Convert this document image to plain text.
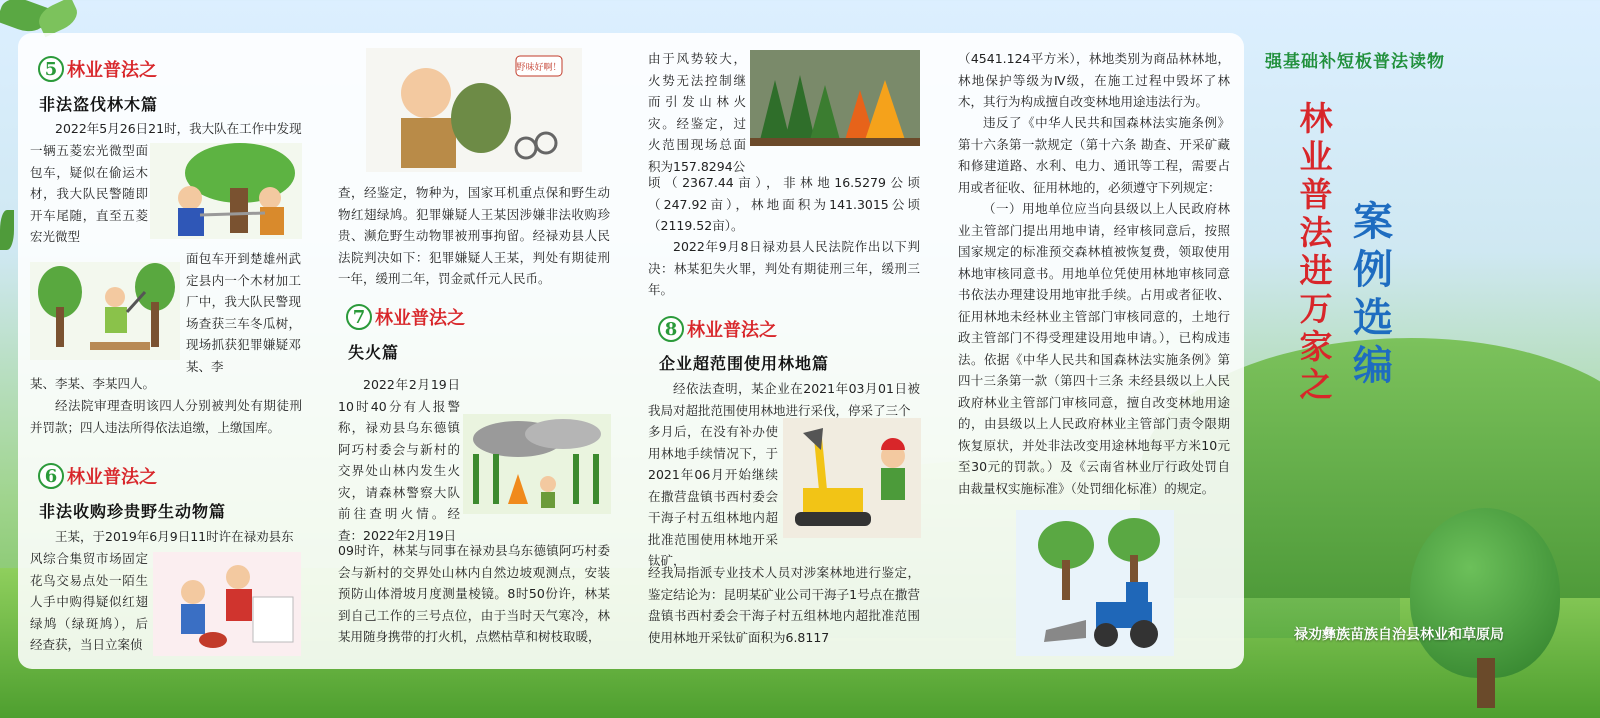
5 林业普法之
非法盗伐林木篇
2022年5月26日21时，我大队在工作中发现
一辆五菱宏光微型面包车，疑似在偷运木材，我大队民警随即开车尾随，直至五菱宏光微型
面包车开到楚雄州武定县内一个木材加工厂中，我大队民警现场查获三车冬瓜树，现场抓获犯罪嫌疑邓某、李
某、李某、李某四人。
经法院审理查明该四人分别被判处有期徒刑并罚款；四人违法所得依法追缴，上缴国库。
6 林业普法之
非法收购珍贵野生动物篇
王某，于2019年6月9日11时许在禄劝县东
风综合集贸市场固定花鸟交易点处一陌生人手中购得疑似红翅绿鸠（绿斑鸠），后经查获，当日立案侦
野味好啊！
查，经鉴定，物种为，国家耳机重点保和野生动物红翅绿鸠。犯罪嫌疑人王某因涉嫌非法收购珍贵、濒危野生动物罪被刑事拘留。经禄劝县人民法院判决如下：犯罪嫌疑人王某，判处有期徒刑一年，缓刑二年，罚金贰仟元人民币。
7 林业普法之
失火篇
2022年2月19日10时40分有人报警称，禄劝县乌东德镇阿巧村委会与新村的交界处山林内发生火灾，请森林警察大队前往查明火情。经查：2022年2月19日
09时许，林某与同事在禄劝县乌东德镇阿巧村委会与新村的交界处山林内自然边坡观测点，安装预防山体滑坡月度测量棱镜。8时50份许，林某到自己工作的三号点位，由于当时天气寒冷，林某用随身携带的打火机，点燃枯草和树枝取暖，
由于风势较大，火势无法控制继而引发山林火灾。经鉴定，过火范围现场总面积为157.8294公
顷（2367.44亩），非林地16.5279公顷（247.92亩），林地面积为141.3015公顷（2119.52亩）。
2022年9月8日禄劝县人民法院作出以下判决：林某犯失火罪，判处有期徒刑三年，缓刑三年。
8 林业普法之
企业超范围使用林地篇
经依法查明，某企业在2021年03月01日被我局对超批范围使用林地进行采伐，停采了三个
多月后，在没有补办使用林地手续情况下，于2021年06月开始继续在撒营盘镇书西村委会干海子村五组林地内超批准范围使用林地开采钛矿，
经我局指派专业技术人员对涉案林地进行鉴定，鉴定结论为：昆明某矿业公司干海子1号点在撒营盘镇书西村委会干海子村五组林地内超批准范围使用林地开采钛矿面积为6.8117
（4541.124平方米），林地类别为商品林林地，林地保护等级为Ⅳ级，在施工过程中毁坏了林木，其行为构成擅自改变林地用途违法行为。
违反了《中华人民共和国森林法实施条例》第十六条第一款规定（第十六条 勘查、开采矿藏和修建道路、水利、电力、通讯等工程，需要占用或者征收、征用林地的，必须遵守下列规定：
（一）用地单位应当向县级以上人民政府林业主管部门提出用地申请，经审核同意后，按照国家规定的标准预交森林植被恢复费，领取使用林地审核同意书。用地单位凭使用林地审核同意书依法办理建设用地审批手续。占用或者征收、征用林地未经林业主管部门审核同意的，土地行政主管部门不得受理建设用地申请。），已构成违法。依据《中华人民共和国森林法实施条例》第四十三条第一款（第四十三条 未经县级以上人民政府林业主管部门审核同意，擅自改变林地用途的，由县级以上人民政府林业主管部门责令限期恢复原状，并处非法改变用途林地每平方米10元至30元的罚款。）及《云南省林业厅行政处罚自由裁量权实施标准》（处罚细化标准）的规定。
强基础补短板普法读物
林业普法进万家之
案例选编
禄劝彝族苗族自治县林业和草原局
